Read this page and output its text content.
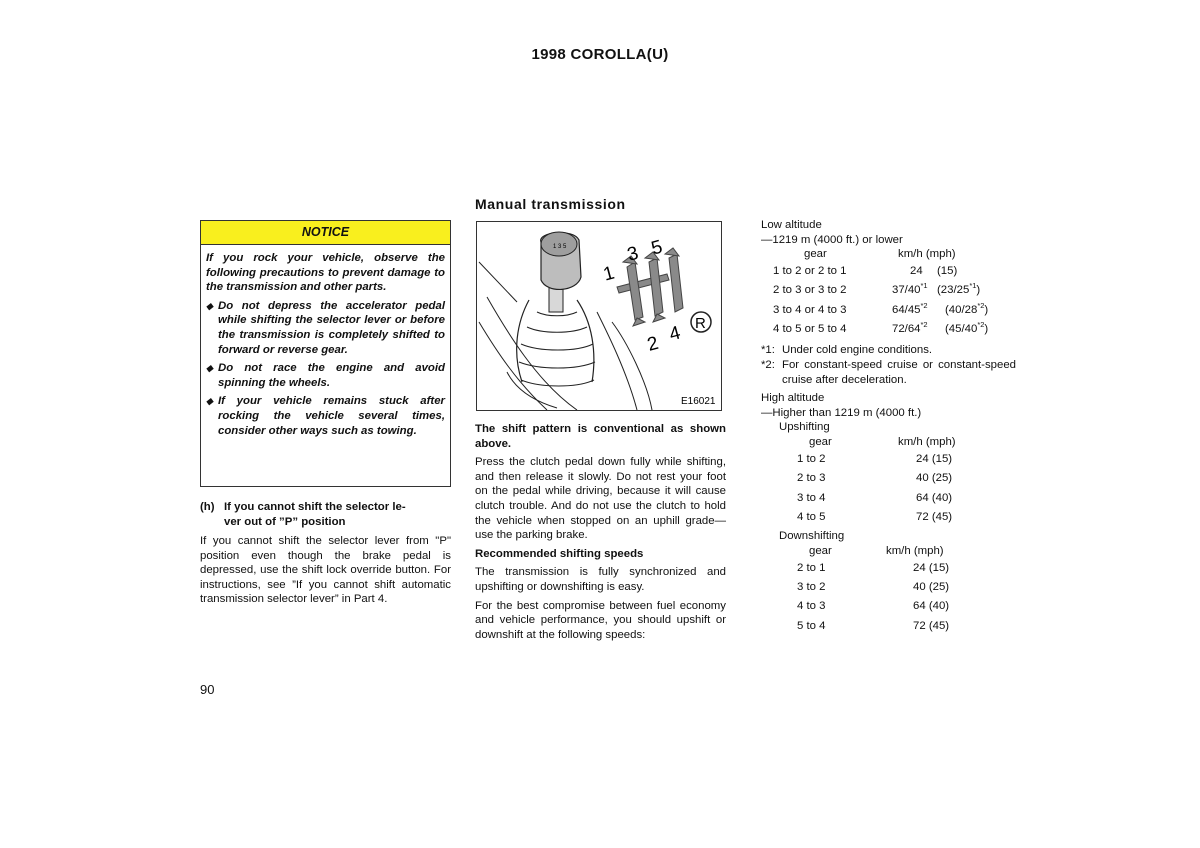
1998 COROLLA(U)
Manual transmission
NOTICE

If you rock your vehicle, observe the following precautions to prevent damage to the transmission and other parts.

◆ Do not depress the accelerator pedal while shifting the selector lever or before the transmission is completely shifted to forward or reverse gear.
◆ Do not race the engine and avoid spinning the wheels.
◆ If your vehicle remains stuck after rocking the vehicle several times, consider other ways such as towing.
(h) If you cannot shift the selector le-
ver out of ”P” position
If you cannot shift the selector lever from "P" position even though the brake pedal is depressed, use the shift lock override button. For instructions, see ”If you cannot shift automatic transmission selector lever” in Part 4.
90
1 3 5
1
3 5
2 4 R
E16021

The shift pattern is conventional as shown above.

Press the clutch pedal down fully while shifting, and then release it slowly. Do not rest your foot on the pedal while driving, because it will cause clutch trouble. And do not use the clutch to hold the vehicle when stopped on an uphill grade—use the parking brake.

Recommended shifting speeds

The transmission is fully synchronized and upshifting or downshifting is easy.

For the best compromise between fuel economy and vehicle performance, you should upshift or downshift at the following speeds:

Low altitude
—1219 m (4000 ft.) or lower
gear	km/h (mph)
1 to 2 or 2 to 1	24 (15)
2 to 3 or 3 to 2	37/40$^{*1}$ (23/25$^{*1}$)
3 to 4 or 4 to 3	64/45$^{*2}$ (40/28$^{*2}$)
4 to 5 or 5 to 4	72/64$^{*2}$ (45/40$^{*2}$)
*1: Under cold engine conditions.
*2: For constant-speed cruise or constant-speed cruise after deceleration.
High altitude
—Higher than 1219 m (4000 ft.)
Upshifting
gear	km/h (mph)
1 to 2	24 (15)
2 to 3	40 (25)
3 to 4	64 (40)
4 to 5	72 (45)
Downshifting
gear	km/h (mph)
2 to 1	24 (15)
3 to 2	40 (25)
4 to 3	64 (40)
5 to 4	72 (45)
